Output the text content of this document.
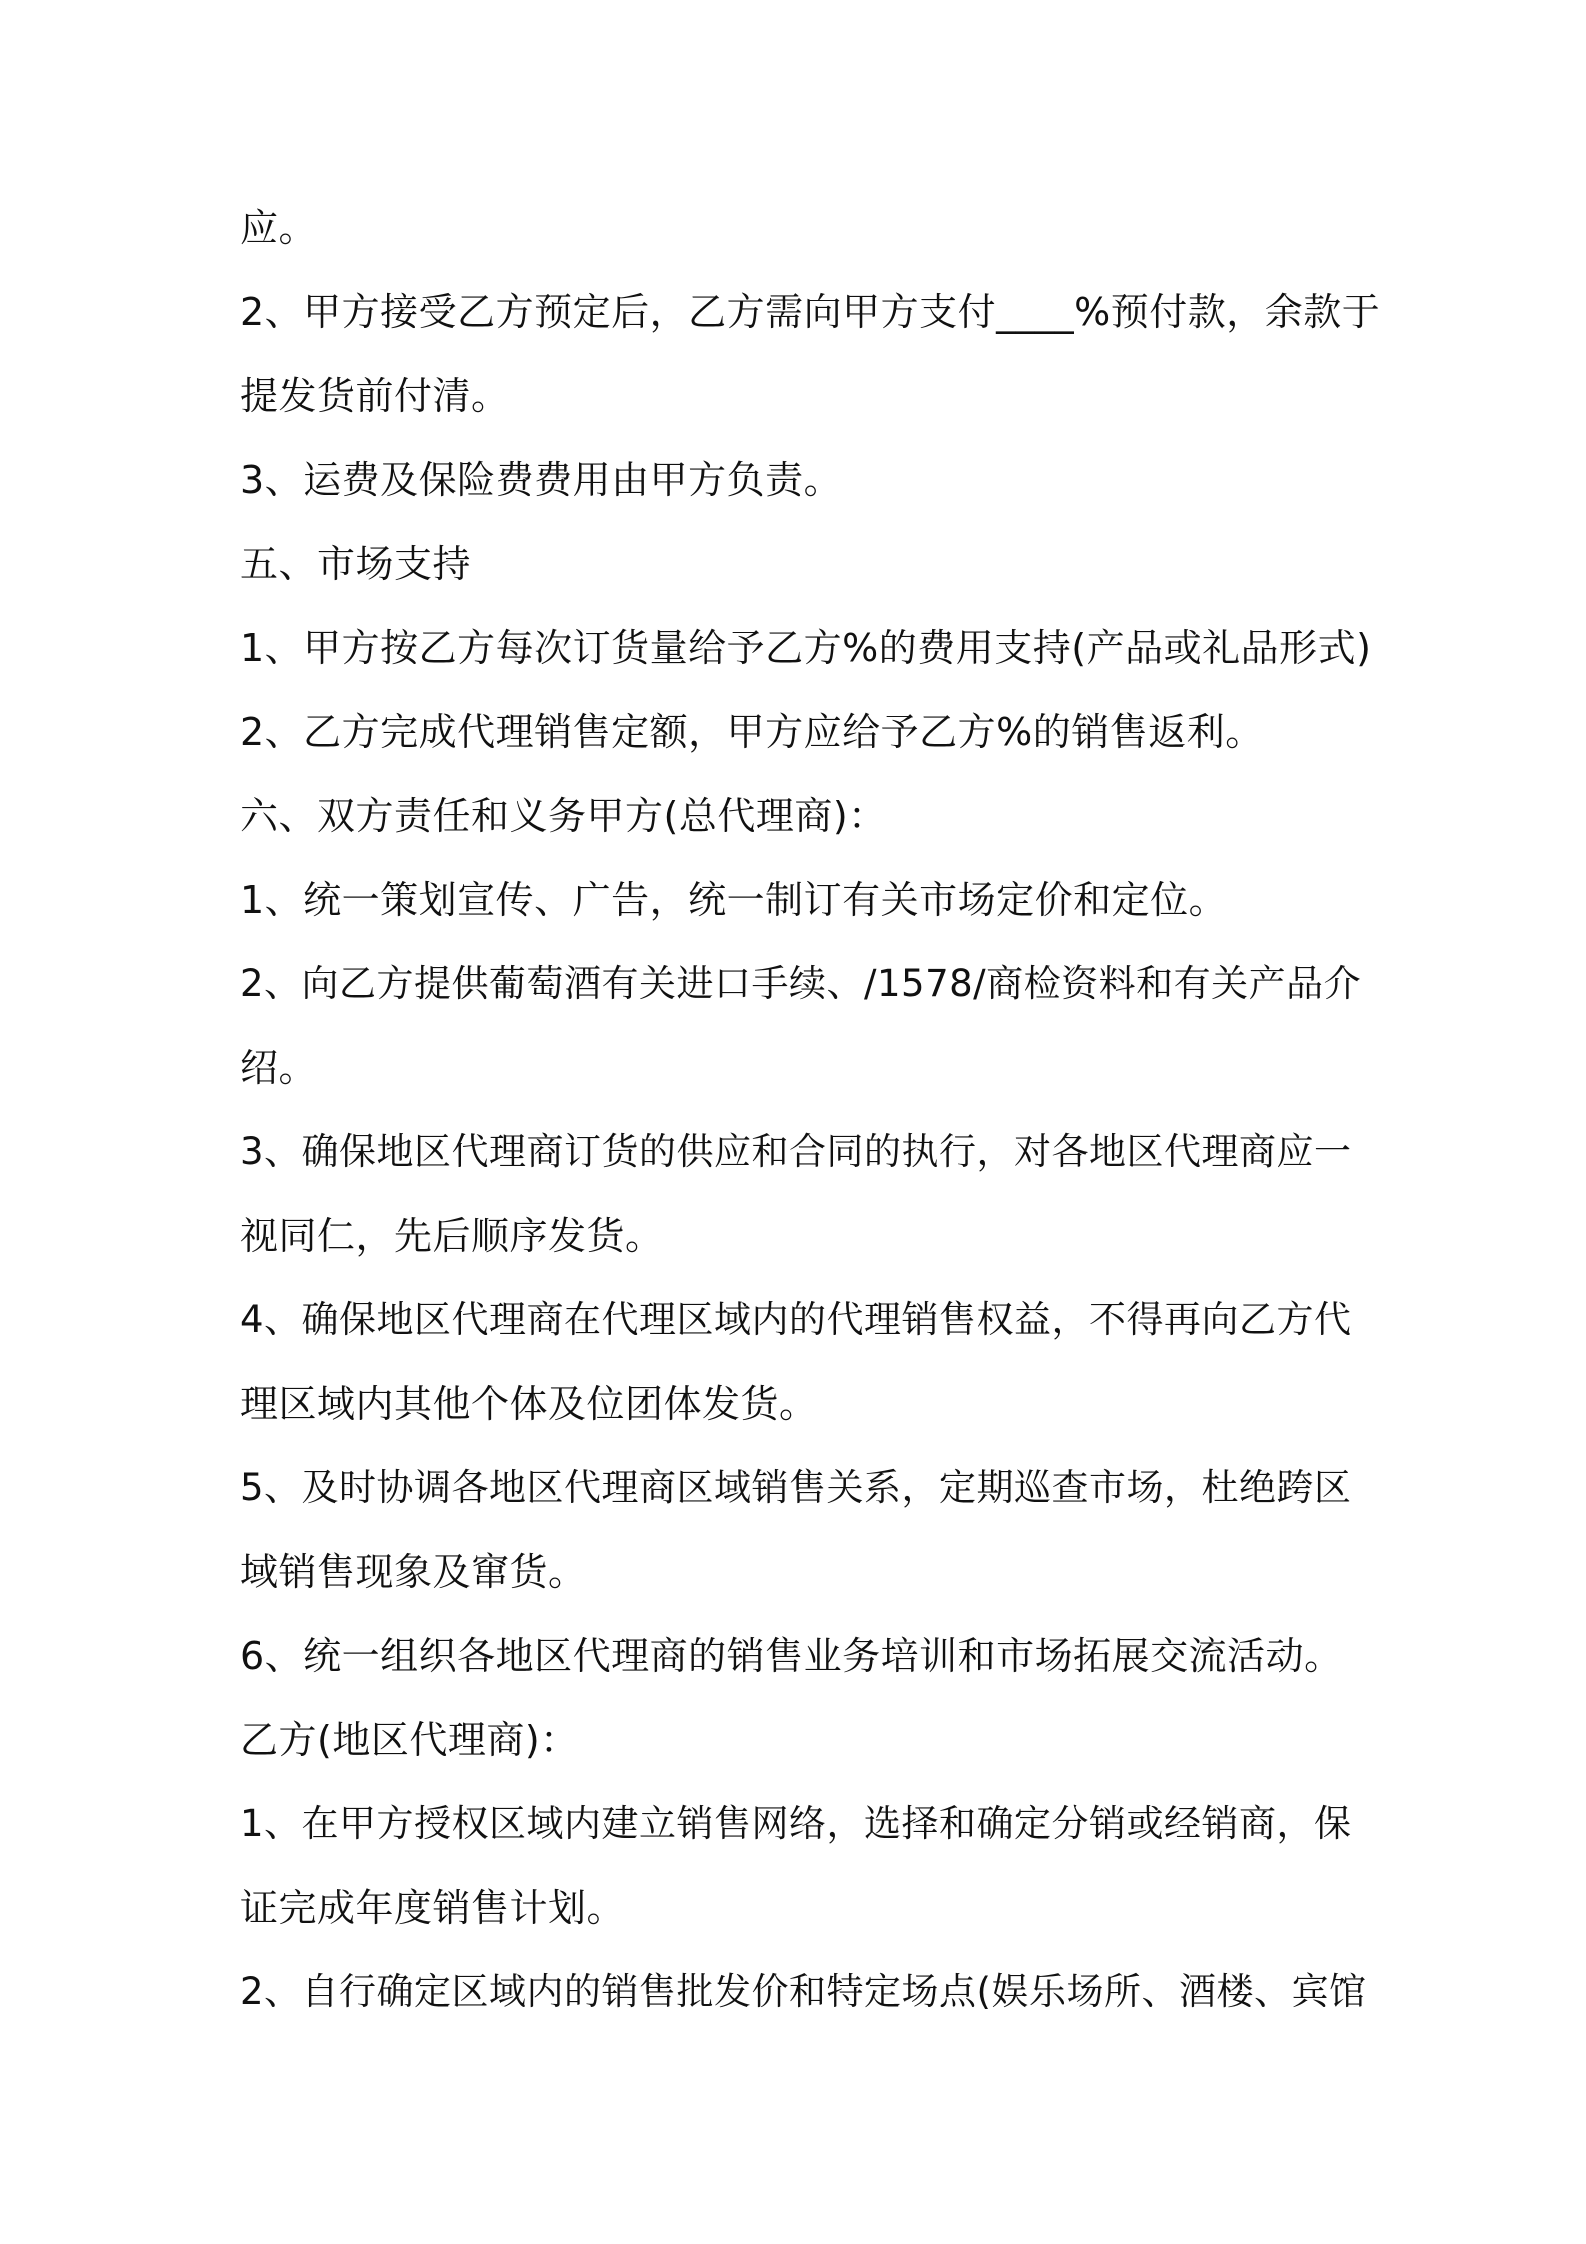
应。
2、甲方接受乙方预定后，乙方需向甲方支付____%预付款，余款于
提发货前付清。
3、运费及保险费费用由甲方负责。
五、市场支持
1、甲方按乙方每次订货量给予乙方%的费用支持(产品或礼品形式)
2、乙方完成代理销售定额，甲方应给予乙方%的销售返利。
六、双方责任和义务甲方(总代理商)：
1、统一策划宣传、广告，统一制订有关市场定价和定位。
2、向乙方提供葡萄酒有关进口手续、/1578/商检资料和有关产品介
绍。
3、确保地区代理商订货的供应和合同的执行，对各地区代理商应一
视同仁，先后顺序发货。
4、确保地区代理商在代理区域内的代理销售权益，不得再向乙方代
理区域内其他个体及位团体发货。
5、及时协调各地区代理商区域销售关系，定期巡查市场，杜绝跨区
域销售现象及窜货。
6、统一组织各地区代理商的销售业务培训和市场拓展交流活动。
乙方(地区代理商)：
1、在甲方授权区域内建立销售网络，选择和确定分销或经销商，保
证完成年度销售计划。
2、自行确定区域内的销售批发价和特定场点(娱乐场所、酒楼、宾馆
